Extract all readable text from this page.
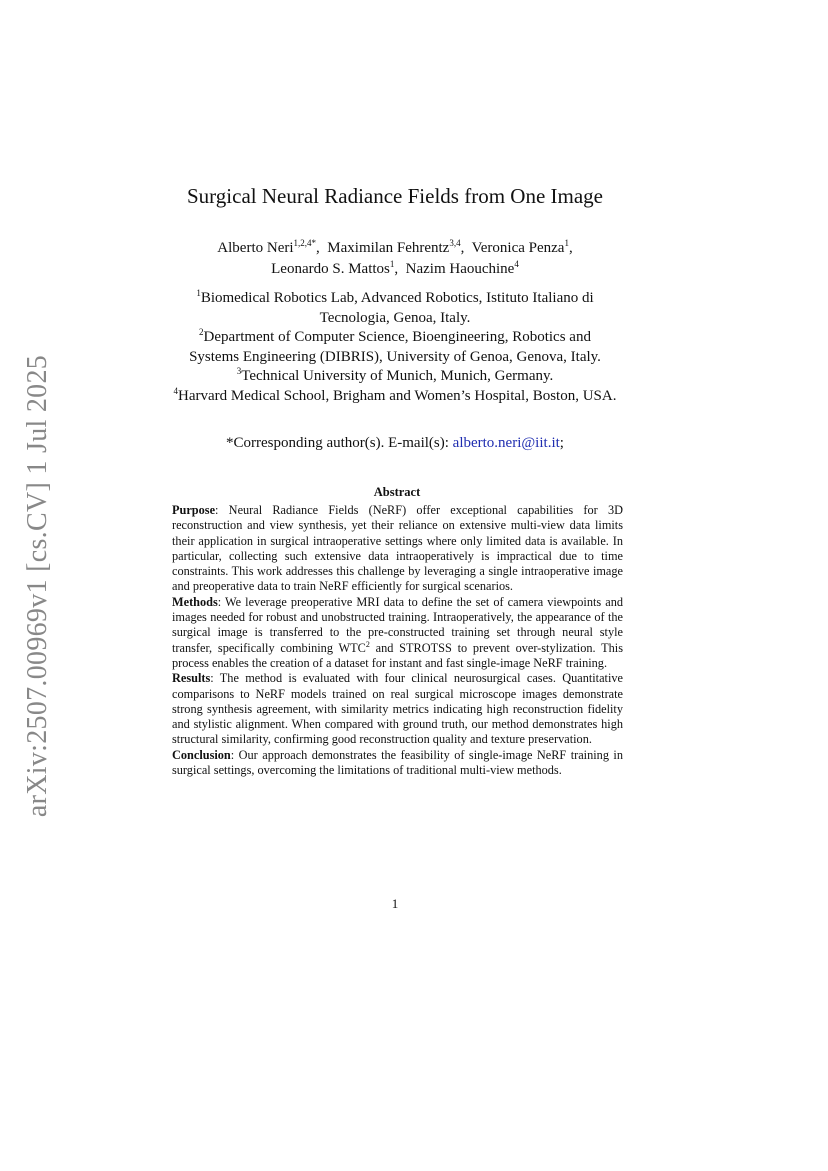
arXiv:2507.00969v1 [cs.CV] 1 Jul 2025
Surgical Neural Radiance Fields from One Image
Alberto Neri$^{1,2,4*}$,  Maximilan Fehrentz$^{3,4}$,  Veronica Penza$^1$,
Leonardo S. Mattos$^1$,  Nazim Haouchine$^4$
$^1$Biomedical Robotics Lab, Advanced Robotics, Istituto Italiano di
Tecnologia, Genoa, Italy.
$^2$Department of Computer Science, Bioengineering, Robotics and
Systems Engineering (DIBRIS), University of Genoa, Genova, Italy.
$^3$Technical University of Munich, Munich, Germany.
$^4$Harvard Medical School, Brigham and Women’s Hospital, Boston, USA.
*Corresponding author(s). E-mail(s): alberto.neri@iit.it;
Abstract

Purpose: Neural Radiance Fields (NeRF) offer exceptional capabilities for 3D reconstruction and view synthesis, yet their reliance on extensive multi-view data limits their application in surgical intraoperative settings where only limited data is available. In particular, collecting such extensive data intraoperatively is impractical due to time constraints. This work addresses this challenge by leveraging a single intraoperative image and preoperative data to train NeRF efficiently for surgical scenarios.

Methods: We leverage preoperative MRI data to define the set of camera viewpoints and images needed for robust and unobstructed training. Intraoperatively, the appearance of the surgical image is transferred to the pre-constructed training set through neural style transfer, specifically combining WTC$^2$ and STROTSS to prevent over-stylization. This process enables the creation of a dataset for instant and fast single-image NeRF training.

Results: The method is evaluated with four clinical neurosurgical cases. Quantitative comparisons to NeRF models trained on real surgical microscope images demonstrate strong synthesis agreement, with similarity metrics indicating high reconstruction fidelity and stylistic alignment. When compared with ground truth, our method demonstrates high structural similarity, confirming good reconstruction quality and texture preservation.

Conclusion: Our approach demonstrates the feasibility of single-image NeRF training in surgical settings, overcoming the limitations of traditional multi-view methods.

1
